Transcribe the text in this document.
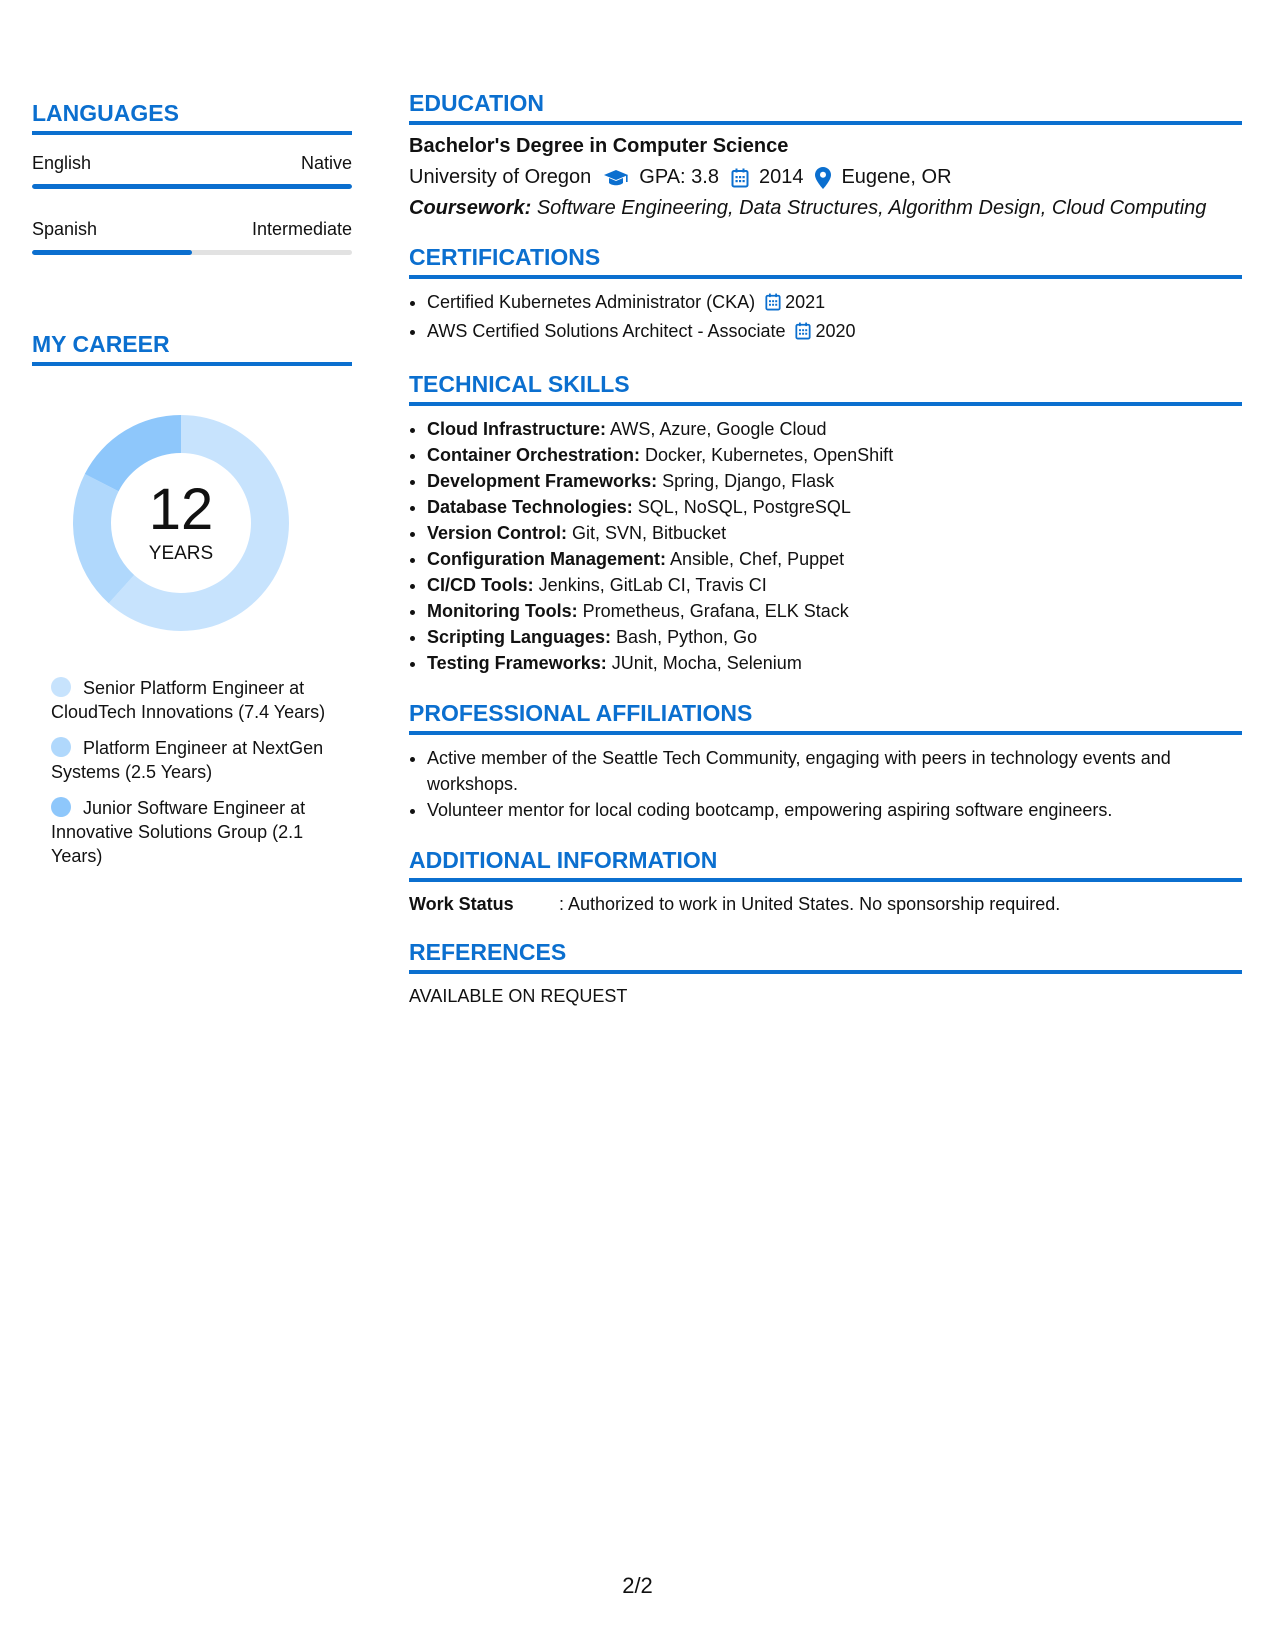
LANGUAGES
English	Native
Spanish	Intermediate
MY CAREER
12
YEARS
Senior Platform Engineer at CloudTech Innovations (7.4 Years)
Platform Engineer at NextGen Systems (2.5 Years)
Junior Software Engineer at Innovative Solutions Group (2.1 Years)
EDUCATION
Bachelor's Degree in Computer Science
University of Oregon GPA: 3.8 2014 Eugene, OR
Coursework: Software Engineering, Data Structures, Algorithm Design, Cloud Computing
CERTIFICATIONS
• Certified Kubernetes Administrator (CKA) 2021
• AWS Certified Solutions Architect - Associate 2020
TECHNICAL SKILLS
• Cloud Infrastructure: AWS, Azure, Google Cloud
• Container Orchestration: Docker, Kubernetes, OpenShift
• Development Frameworks: Spring, Django, Flask
• Database Technologies: SQL, NoSQL, PostgreSQL
• Version Control: Git, SVN, Bitbucket
• Configuration Management: Ansible, Chef, Puppet
• CI/CD Tools: Jenkins, GitLab CI, Travis CI
• Monitoring Tools: Prometheus, Grafana, ELK Stack
• Scripting Languages: Bash, Python, Go
• Testing Frameworks: JUnit, Mocha, Selenium
PROFESSIONAL AFFILIATIONS
• Active member of the Seattle Tech Community, engaging with peers in technology events and workshops.
• Volunteer mentor for local coding bootcamp, empowering aspiring software engineers.
ADDITIONAL INFORMATION
Work Status	: Authorized to work in United States. No sponsorship required.
REFERENCES
AVAILABLE ON REQUEST
2/2
